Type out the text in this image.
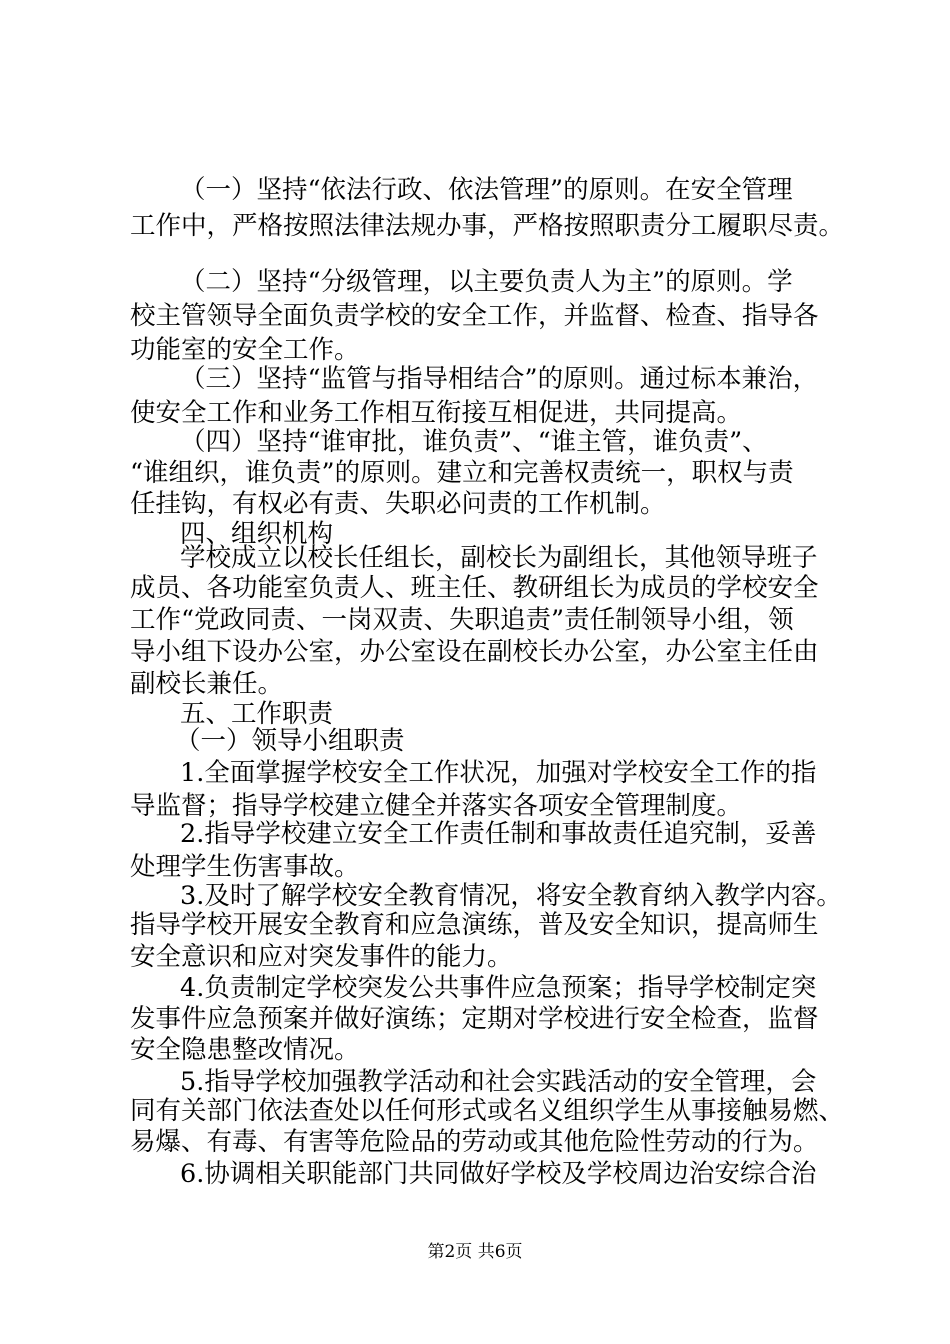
（一）坚持“依法行政、依法管理”的原则。在安全管理
工作中，严格按照法律法规办事，严格按照职责分工履职尽责。
（二）坚持“分级管理，以主要负责人为主”的原则。学
校主管领导全面负责学校的安全工作，并监督、检查、指导各
功能室的安全工作。
（三）坚持“监管与指导相结合”的原则。通过标本兼治，
使安全工作和业务工作相互衔接互相促进，共同提高。
（四）坚持“谁审批，谁负责”、“谁主管，谁负责”、
“谁组织，谁负责”的原则。建立和完善权责统一，职权与责
任挂钩，有权必有责、失职必问责的工作机制。
四、组织机构
学校成立以校长任组长，副校长为副组长，其他领导班子
成员、各功能室负责人、班主任、教研组长为成员的学校安全
工作“党政同责、一岗双责、失职追责”责任制领导小组，领
导小组下设办公室，办公室设在副校长办公室，办公室主任由
副校长兼任。
五、工作职责
（一）领导小组职责
1.全面掌握学校安全工作状况，加强对学校安全工作的指
导监督；指导学校建立健全并落实各项安全管理制度。
2.指导学校建立安全工作责任制和事故责任追究制，妥善
处理学生伤害事故。
3.及时了解学校安全教育情况，将安全教育纳入教学内容。
指导学校开展安全教育和应急演练，普及安全知识，提高师生
安全意识和应对突发事件的能力。
4.负责制定学校突发公共事件应急预案；指导学校制定突
发事件应急预案并做好演练；定期对学校进行安全检查，监督
安全隐患整改情况。
5.指导学校加强教学活动和社会实践活动的安全管理，会
同有关部门依法查处以任何形式或名义组织学生从事接触易燃、
易爆、有毒、有害等危险品的劳动或其他危险性劳动的行为。
6.协调相关职能部门共同做好学校及学校周边治安综合治
第2页 共6页
